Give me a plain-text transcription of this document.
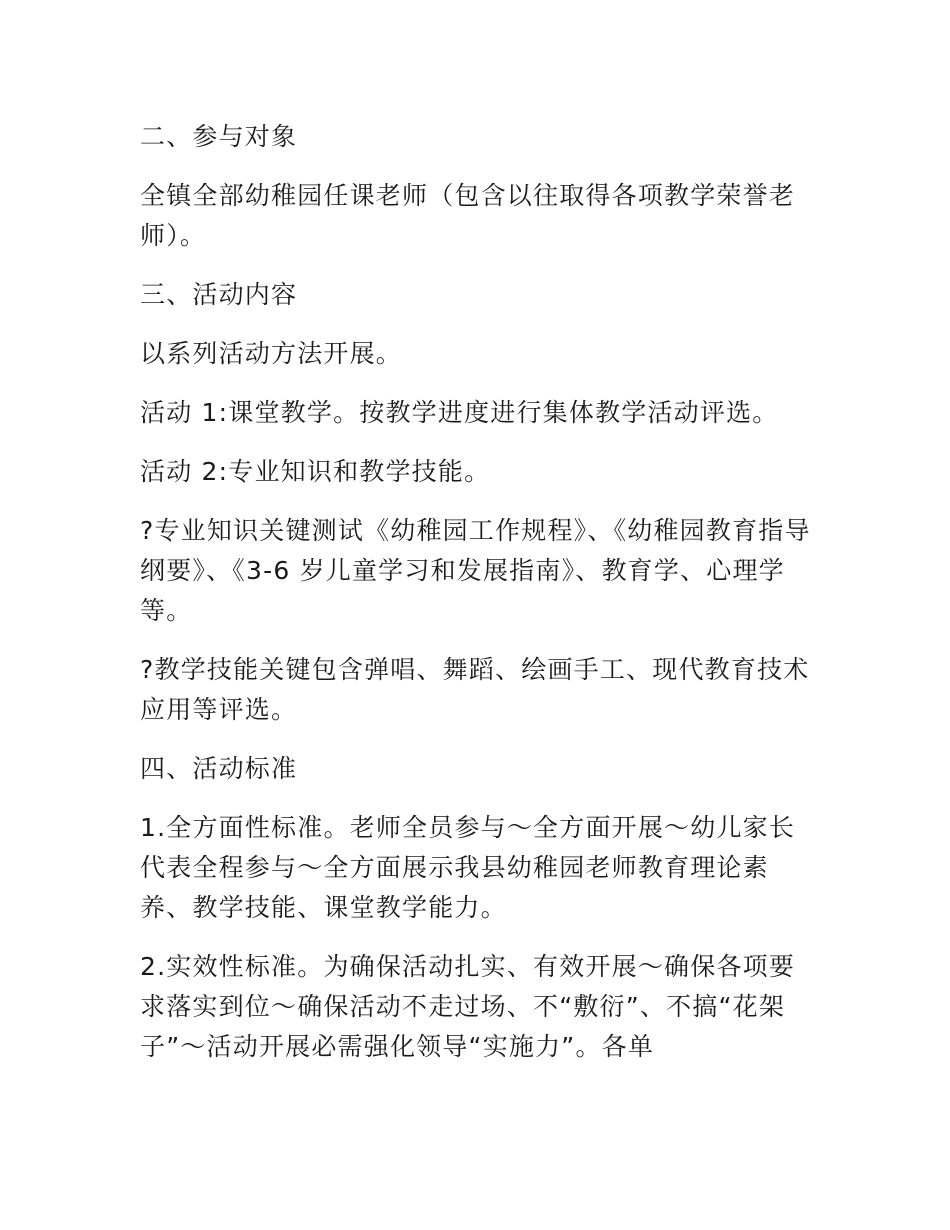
二、参与对象

全镇全部幼稚园任课老师（包含以往取得各项教学荣誉老师）。

三、活动内容

以系列活动方法开展。

活动 1:课堂教学。按教学进度进行集体教学活动评选。

活动 2:专业知识和教学技能。

?专业知识关键测试《幼稚园工作规程》、《幼稚园教育指导纲要》、《3-6 岁儿童学习和发展指南》、教育学、心理学等。

?教学技能关键包含弹唱、舞蹈、绘画手工、现代教育技术应用等评选。

四、活动标准

1.全方面性标准。老师全员参与～全方面开展～幼儿家长代表全程参与～全方面展示我县幼稚园老师教育理论素养、教学技能、课堂教学能力。

2.实效性标准。为确保活动扎实、有效开展～确保各项要求落实到位～确保活动不走过场、不“敷衍”、不搞“花架子”～活动开展必需强化领导“实施力”。各单
